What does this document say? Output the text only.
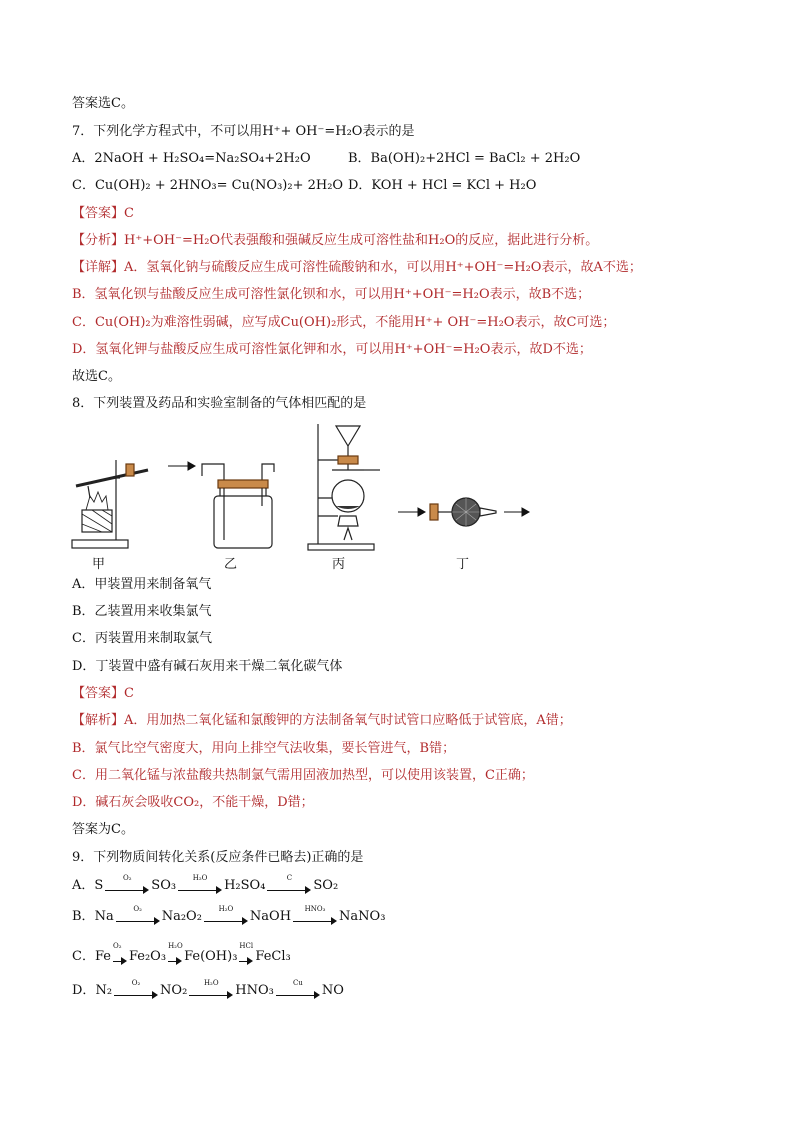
答案选C。
7．下列化学方程式中，不可以用H⁺+ OH⁻=H₂O表示的是
A．2NaOH + H₂SO₄=Na₂SO₄+2H₂O	B．Ba(OH)₂+2HCl = BaCl₂ + 2H₂O
C．Cu(OH)₂ + 2HNO₃= Cu(NO₃)₂+ 2H₂O D．KOH + HCl = KCl + H₂O
【答案】C
【分析】H⁺+OH⁻=H₂O代表强酸和强碱反应生成可溶性盐和H₂O的反应，据此进行分析。
【详解】A．氢氧化钠与硫酸反应生成可溶性硫酸钠和水，可以用H⁺+OH⁻=H₂O表示，故A不选；
B．氢氧化钡与盐酸反应生成可溶性氯化钡和水，可以用H⁺+OH⁻=H₂O表示，故B不选；
C．Cu(OH)₂为难溶性弱碱，应写成Cu(OH)₂形式，不能用H⁺+ OH⁻=H₂O表示，故C可选；
D．氢氧化钾与盐酸反应生成可溶性氯化钾和水，可以用H⁺+OH⁻=H₂O表示，故D不选；
故选C。
8．下列装置及药品和实验室制备的气体相匹配的是
甲	乙	丙	丁
A．甲装置用来制备氧气
B．乙装置用来收集氯气
C．丙装置用来制取氯气
D．丁装置中盛有碱石灰用来干燥二氧化碳气体
【答案】C
【解析】A．用加热二氧化锰和氯酸钾的方法制备氧气时试管口应略低于试管底，A错；
B．氯气比空气密度大，用向上排空气法收集，要长管进气，B错；
C．用二氧化锰与浓盐酸共热制氯气需用固液加热型，可以使用该装置，C正确；
D．碱石灰会吸收CO₂，不能干燥，D错；
答案为C。
9．下列物质间转化关系(反应条件已略去)正确的是
A． S	O₂	SO₃	H₂O	H₂SO₄	C	SO₂
B． Na	O₂	Na₂O₂	H₂O	NaOH	HNO₃	NaNO₃
C． Fe
O₂
Fe₂O₃
H₂O
Fe(OH)₃
HCl
FeCl₃
D． N₂	O₂	NO₂	H₂O	HNO₃	Cu	NO
